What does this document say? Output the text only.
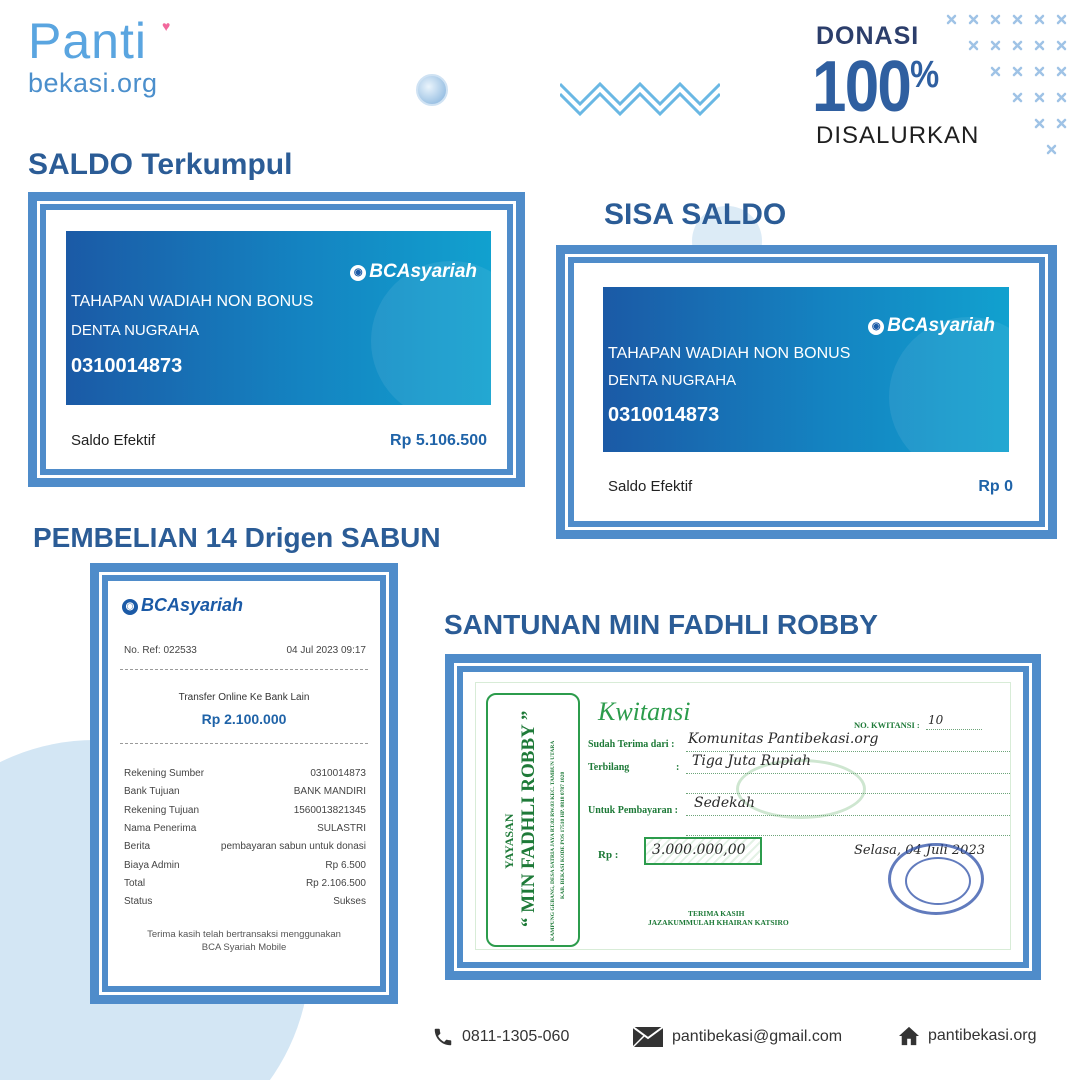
Panti ♥
bekasi.org
DONASI
100%
DISALURKAN
SALDO Terkumpul
◉ BCAsyariah
TAHAPAN WADIAH NON BONUS
DENTA NUGRAHA
0310014873
Saldo Efektif	Rp 5.106.500
SISA SALDO
◉ BCAsyariah
TAHAPAN WADIAH NON BONUS
DENTA NUGRAHA
0310014873
Saldo Efektif	Rp 0
PEMBELIAN 14 Drigen SABUN
◉ BCAsyariah
No. Ref: 022533	04 Jul 2023 09:17
Transfer Online Ke Bank Lain
Rp 2.100.000
Rekening Sumber	0310014873
Bank Tujuan	BANK MANDIRI
Rekening Tujuan	1560013821345
Nama Penerima	SULASTRI
Berita	pembayaran sabun untuk donasi
Biaya Admin	Rp 6.500
Total	Rp 2.106.500
Status	Sukses
Terima kasih telah bertransaksi menggunakan
BCA Syariah Mobile
SANTUNAN MIN FADHLI ROBBY
YAYASAN “ MIN FADHLI ROBBY ” KAMPUNG GEBANG, DESA SATRIA JAYA RT.02 RW.03 KEC. TAMBUN UTARA KAB. BEKASI KODE POS 17510 HP. 0818 0787 1020
Kwitansi	NO. KWITANSI : 10
Sudah Terima dari : Komunitas Pantibekasi.org
Terbilang	: Tiga Juta Rupiah
Untuk Pembayaran : Sedekah
Rp : 3.000.000,00	Selasa, 04 Juli 2023
TERIMA KASIH
JAZAKUMMULAH KHAIRAN KATSIRO
0811-1305-060	pantibekasi@gmail.com	pantibekasi.org
